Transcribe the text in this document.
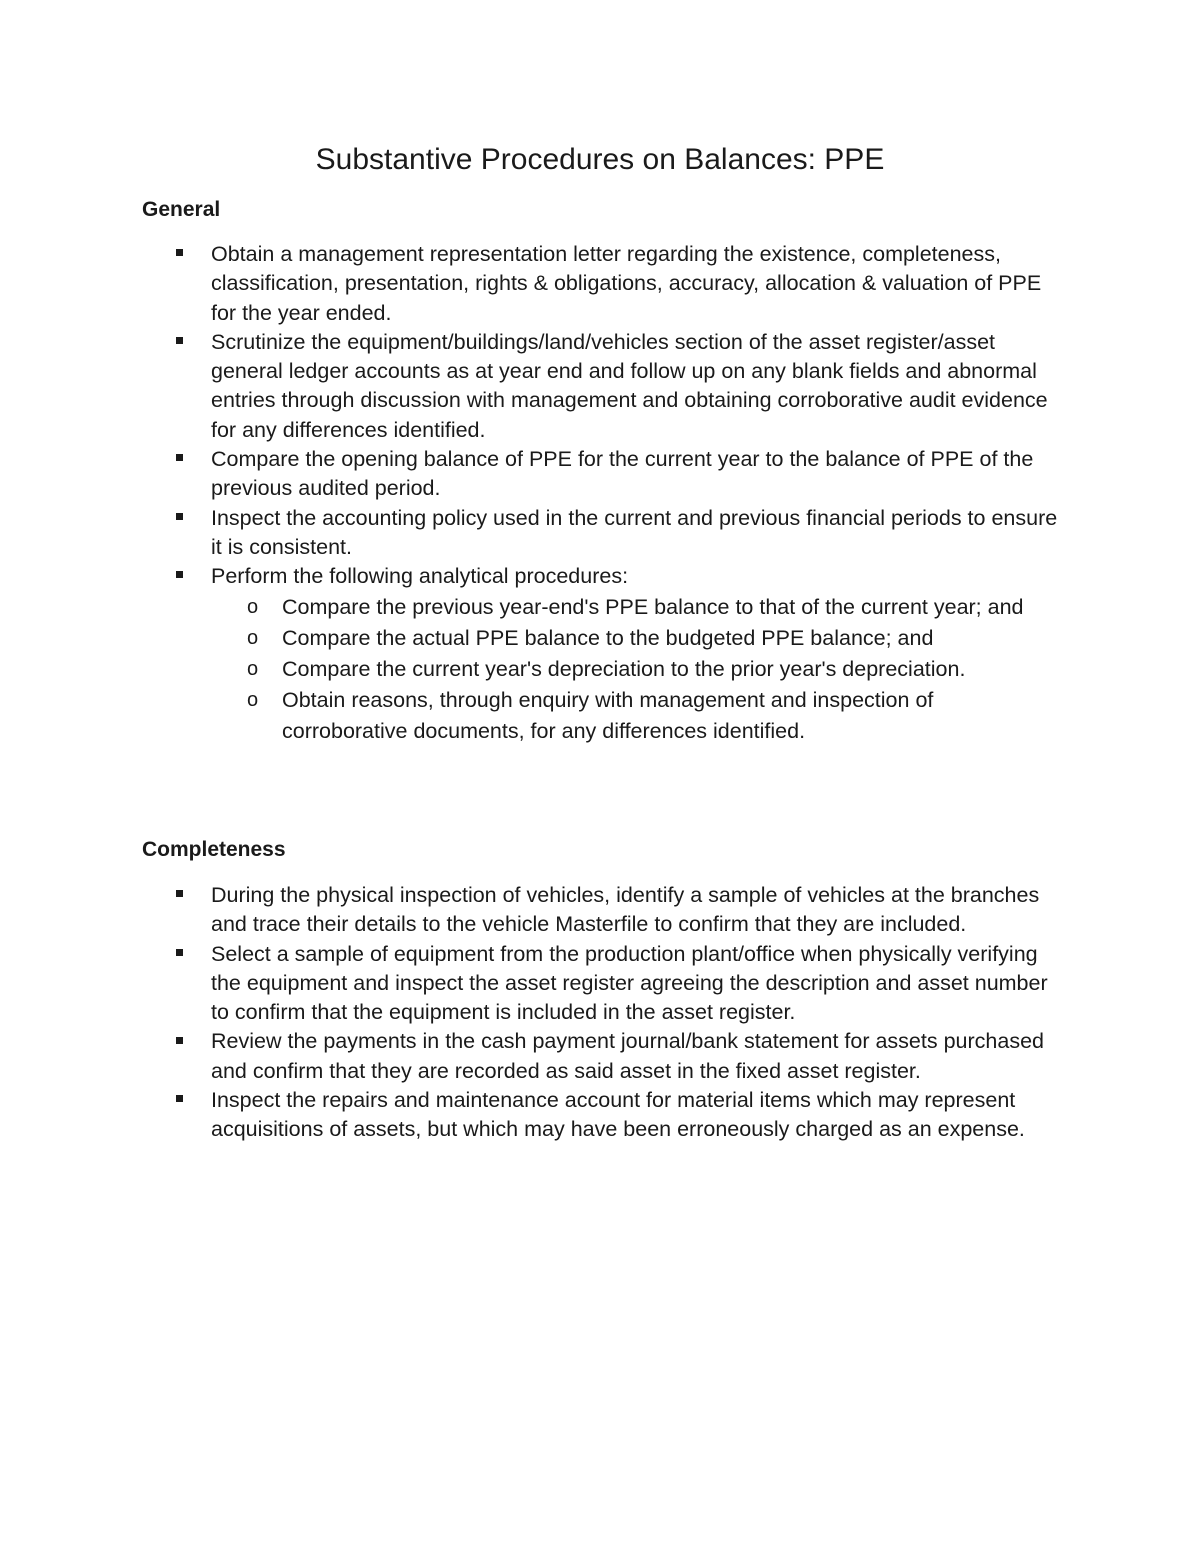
Substantive Procedures on Balances: PPE
General
Obtain a management representation letter regarding the existence, completeness, classification, presentation, rights & obligations, accuracy, allocation & valuation of PPE for the year ended.
Scrutinize the equipment/buildings/land/vehicles section of the asset register/asset general ledger accounts as at year end and follow up on any blank fields and abnormal entries through discussion with management and obtaining corroborative audit evidence for any differences identified.
Compare the opening balance of PPE for the current year to the balance of PPE of the previous audited period.
Inspect the accounting policy used in the current and previous financial periods to ensure it is consistent.
Perform the following analytical procedures:
o Compare the previous year-end's PPE balance to that of the current year; and
o Compare the actual PPE balance to the budgeted PPE balance; and
o Compare the current year's depreciation to the prior year's depreciation.
o Obtain reasons, through enquiry with management and inspection of corroborative documents, for any differences identified.
Completeness
During the physical inspection of vehicles, identify a sample of vehicles at the branches and trace their details to the vehicle Masterfile to confirm that they are included.
Select a sample of equipment from the production plant/office when physically verifying the equipment and inspect the asset register agreeing the description and asset number to confirm that the equipment is included in the asset register.
Review the payments in the cash payment journal/bank statement for assets purchased and confirm that they are recorded as said asset in the fixed asset register.
Inspect the repairs and maintenance account for material items which may represent acquisitions of assets, but which may have been erroneously charged as an expense.
